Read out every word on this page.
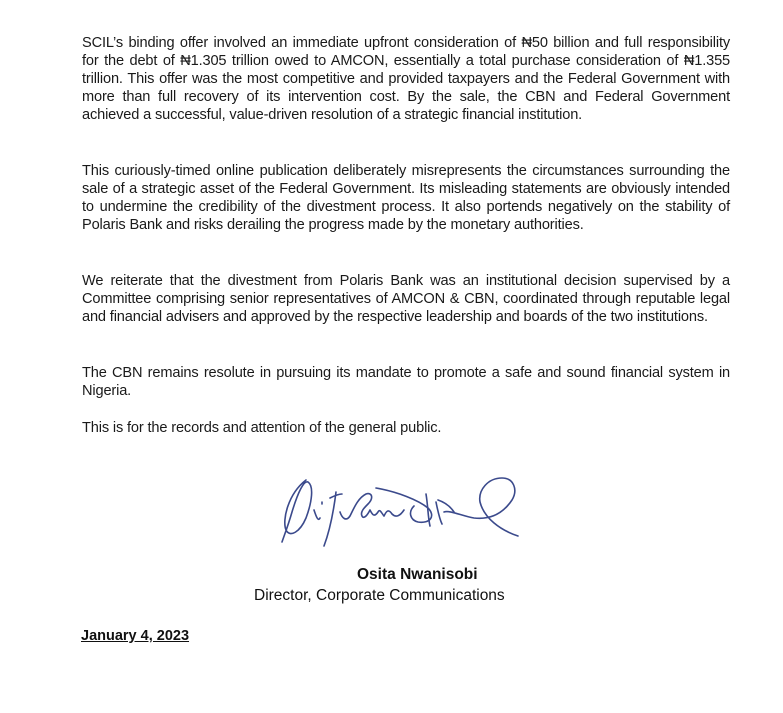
SCIL’s binding offer involved an immediate upfront consideration of ₦50 billion and full responsibility for the debt of ₦1.305 trillion owed to AMCON, essentially a total purchase consideration of ₦1.355 trillion. This offer was the most competitive and provided taxpayers and the Federal Government with more than full recovery of its intervention cost. By the sale, the CBN and Federal Government achieved a successful, value-driven resolution of a strategic financial institution.

This curiously-timed online publication deliberately misrepresents the circumstances surrounding the sale of a strategic asset of the Federal Government. Its misleading statements are obviously intended to undermine the credibility of the divestment process. It also portends negatively on the stability of Polaris Bank and risks derailing the progress made by the monetary authorities.

We reiterate that the divestment from Polaris Bank was an institutional decision supervised by a Committee comprising senior representatives of AMCON & CBN, coordinated through reputable legal and financial advisers and approved by the respective leadership and boards of the two institutions.

The CBN remains resolute in pursuing its mandate to promote a safe and sound financial system in Nigeria.

This is for the records and attention of the general public.

Osita Nwanisobi

Director, Corporate Communications

January 4, 2023
